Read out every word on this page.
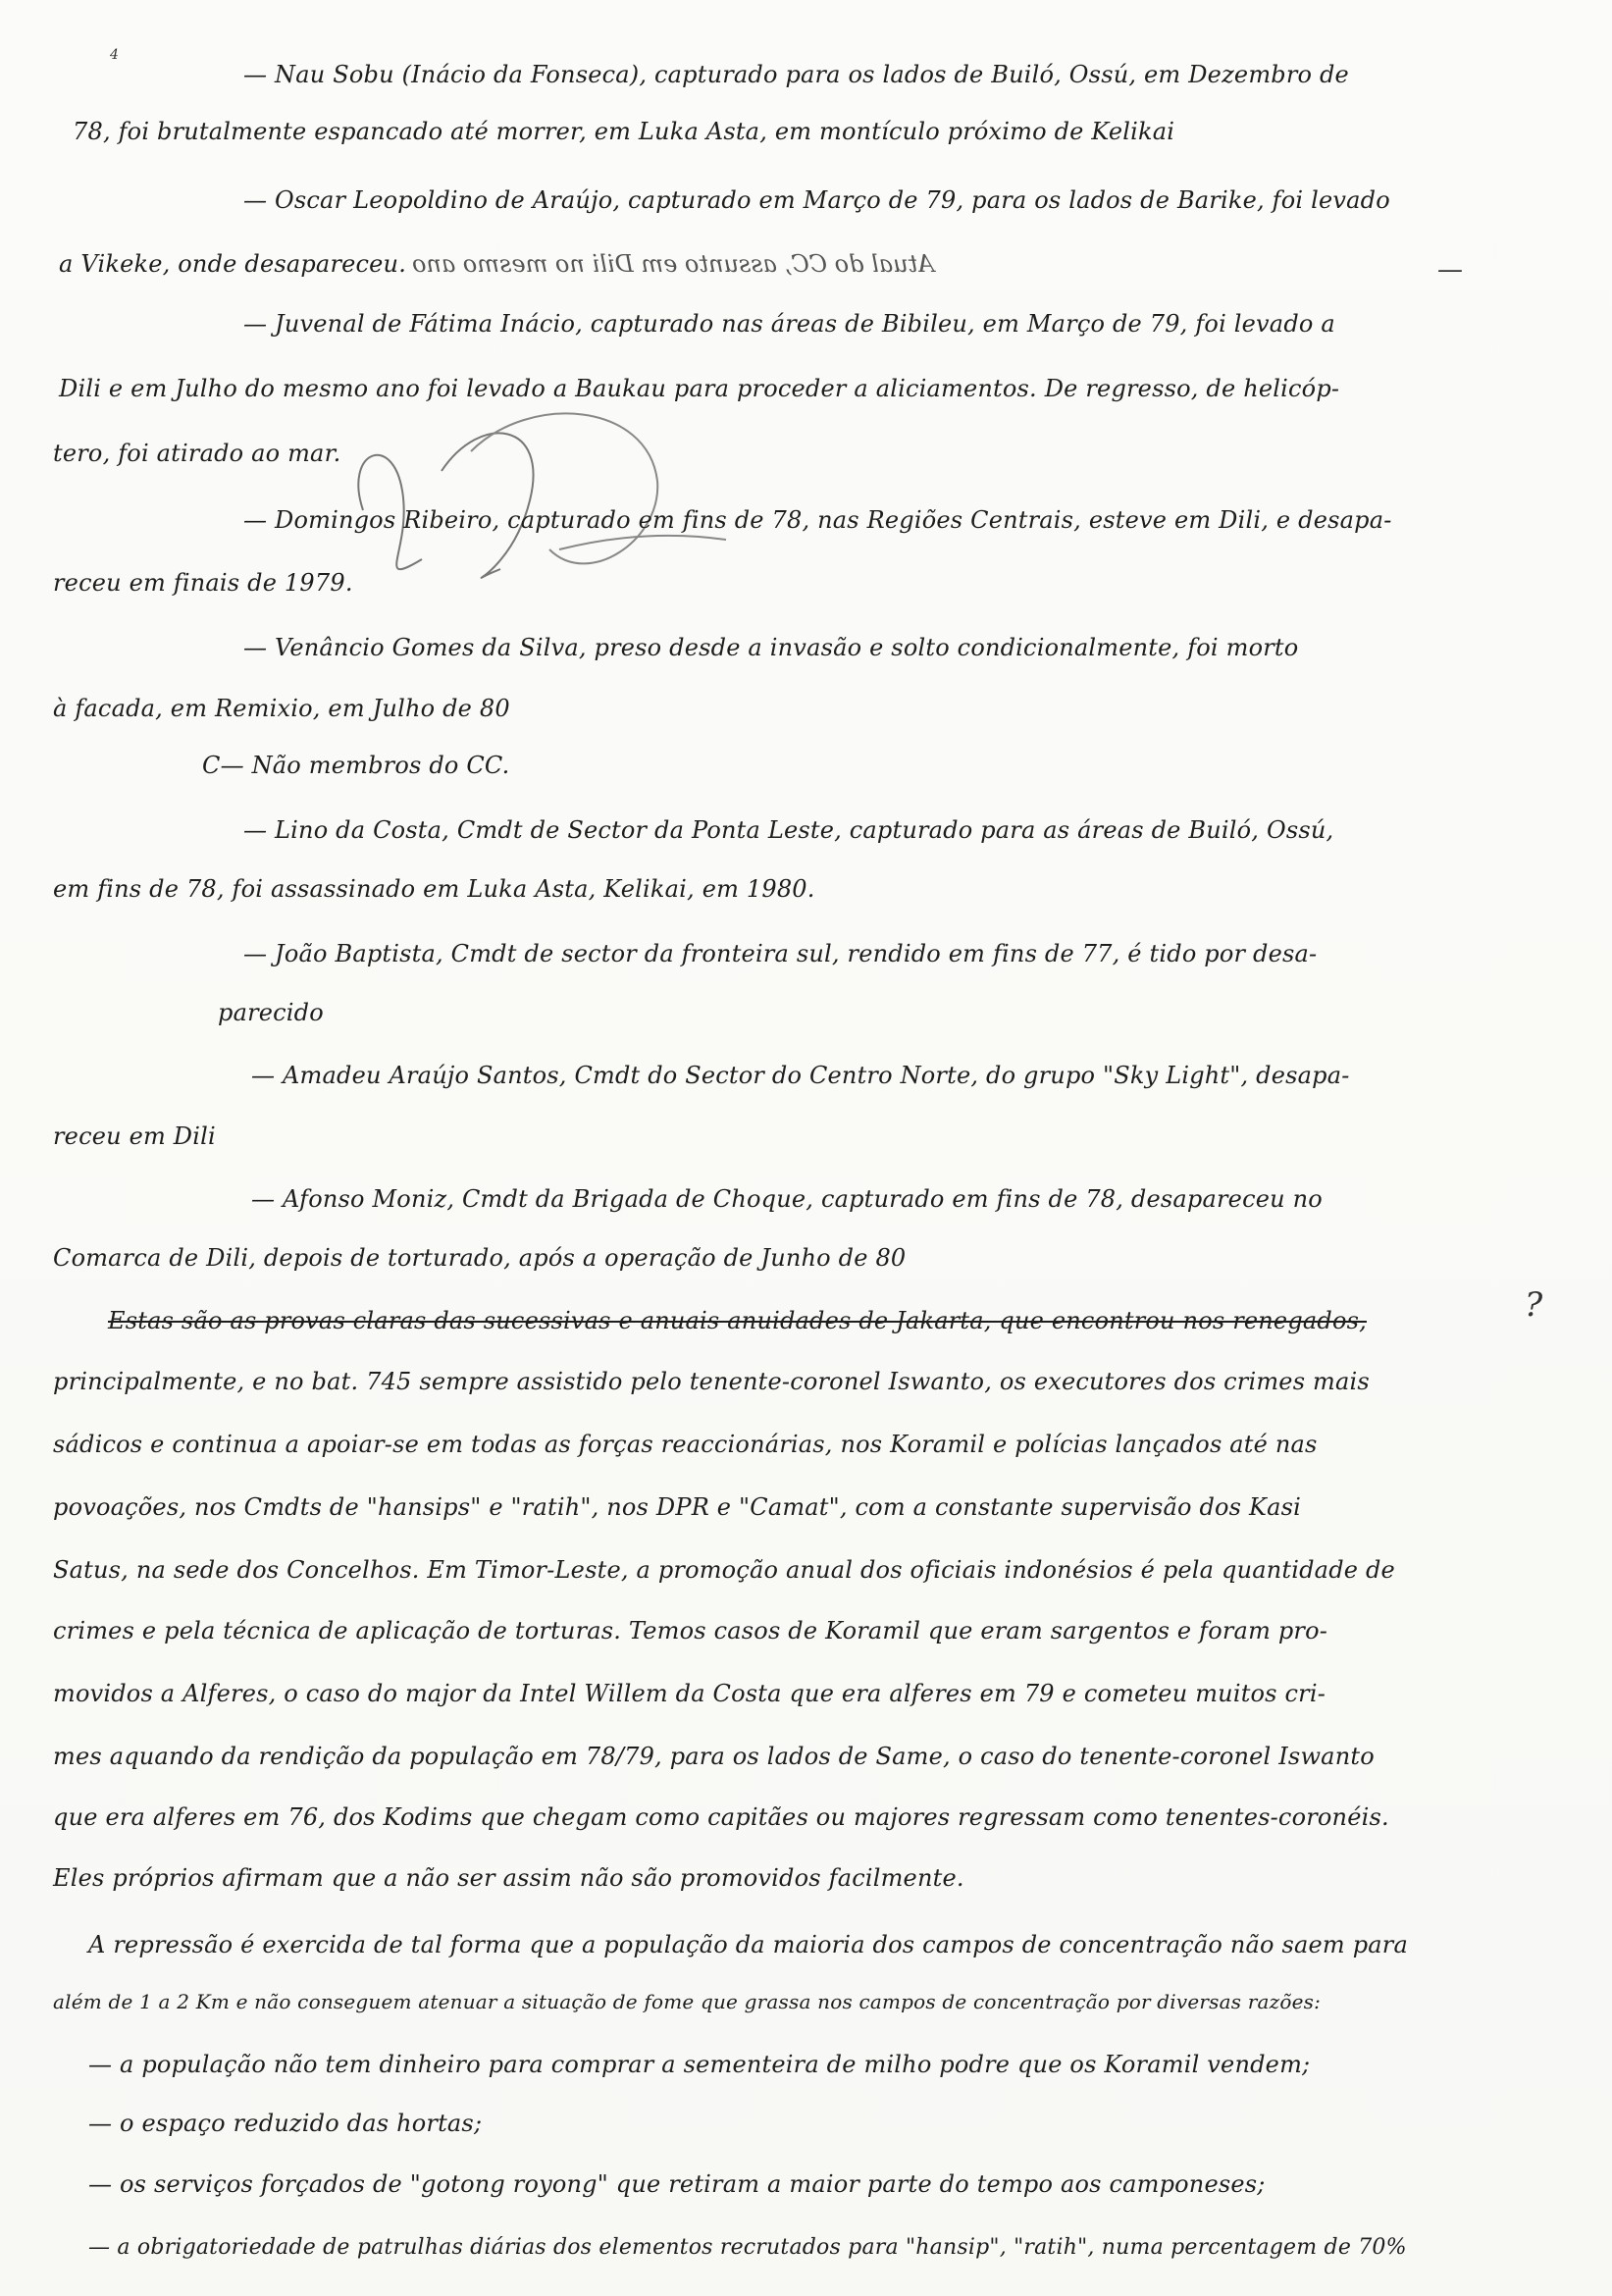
4
— Nau Sobu (Inácio da Fonseca), capturado para os lados de Builó, Ossú, em Dezembro de
78, foi brutalmente espancado até morrer, em Luka Asta, em montículo próximo de Kelikai
— Oscar Leopoldino de Araújo, capturado em Março de 79, para os lados de Barike, foi levado
a Vikeke, onde desapareceu. Atual do CC, assunto em Dili no mesmo ano	—
— Juvenal de Fátima Inácio, capturado nas áreas de Bibileu, em Março de 79, foi levado a
Dili e em Julho do mesmo ano foi levado a Baukau para proceder a aliciamentos. De regresso, de helicóp-
tero, foi atirado ao mar.
— Domingos Ribeiro, capturado em fins de 78, nas Regiões Centrais, esteve em Dili, e desapa-
receu em finais de 1979.
— Venâncio Gomes da Silva, preso desde a invasão e solto condicionalmente, foi morto
à facada, em Remixio, em Julho de 80
C— Não membros do CC.
— Lino da Costa, Cmdt de Sector da Ponta Leste, capturado para as áreas de Builó, Ossú,
em fins de 78, foi assassinado em Luka Asta, Kelikai, em 1980.
— João Baptista, Cmdt de sector da fronteira sul, rendido em fins de 77, é tido por desa-
parecido
— Amadeu Araújo Santos, Cmdt do Sector do Centro Norte, do grupo "Sky Light", desapa-
receu em Dili
— Afonso Moniz, Cmdt da Brigada de Choque, capturado em fins de 78, desapareceu no
Comarca de Dili, depois de torturado, após a operação de Junho de 80
Estas são as provas claras das sucessivas e anuais anuidades de Jakarta, que encontrou nos renegados,	?
principalmente, e no bat. 745 sempre assistido pelo tenente-coronel Iswanto, os executores dos crimes mais
sádicos e continua a apoiar-se em todas as forças reaccionárias, nos Koramil e polícias lançados até nas
povoações, nos Cmdts de "hansips" e "ratih", nos DPR e "Camat", com a constante supervisão dos Kasi
Satus, na sede dos Concelhos. Em Timor-Leste, a promoção anual dos oficiais indonésios é pela quantidade de
crimes e pela técnica de aplicação de torturas. Temos casos de Koramil que eram sargentos e foram pro-
movidos a Alferes, o caso do major da Intel Willem da Costa que era alferes em 79 e cometeu muitos cri-
mes aquando da rendição da população em 78/79, para os lados de Same, o caso do tenente-coronel Iswanto
que era alferes em 76, dos Kodims que chegam como capitães ou majores regressam como tenentes-coronéis.
Eles próprios afirmam que a não ser assim não são promovidos facilmente.
A repressão é exercida de tal forma que a população da maioria dos campos de concentração não saem para
além de 1 a 2 Km e não conseguem atenuar a situação de fome que grassa nos campos de concentração por diversas razões:
— a população não tem dinheiro para comprar a sementeira de milho podre que os Koramil vendem;
— o espaço reduzido das hortas;
— os serviços forçados de "gotong royong" que retiram a maior parte do tempo aos camponeses;
— a obrigatoriedade de patrulhas diárias dos elementos recrutados para "hansip", "ratih", numa percentagem de 70%
